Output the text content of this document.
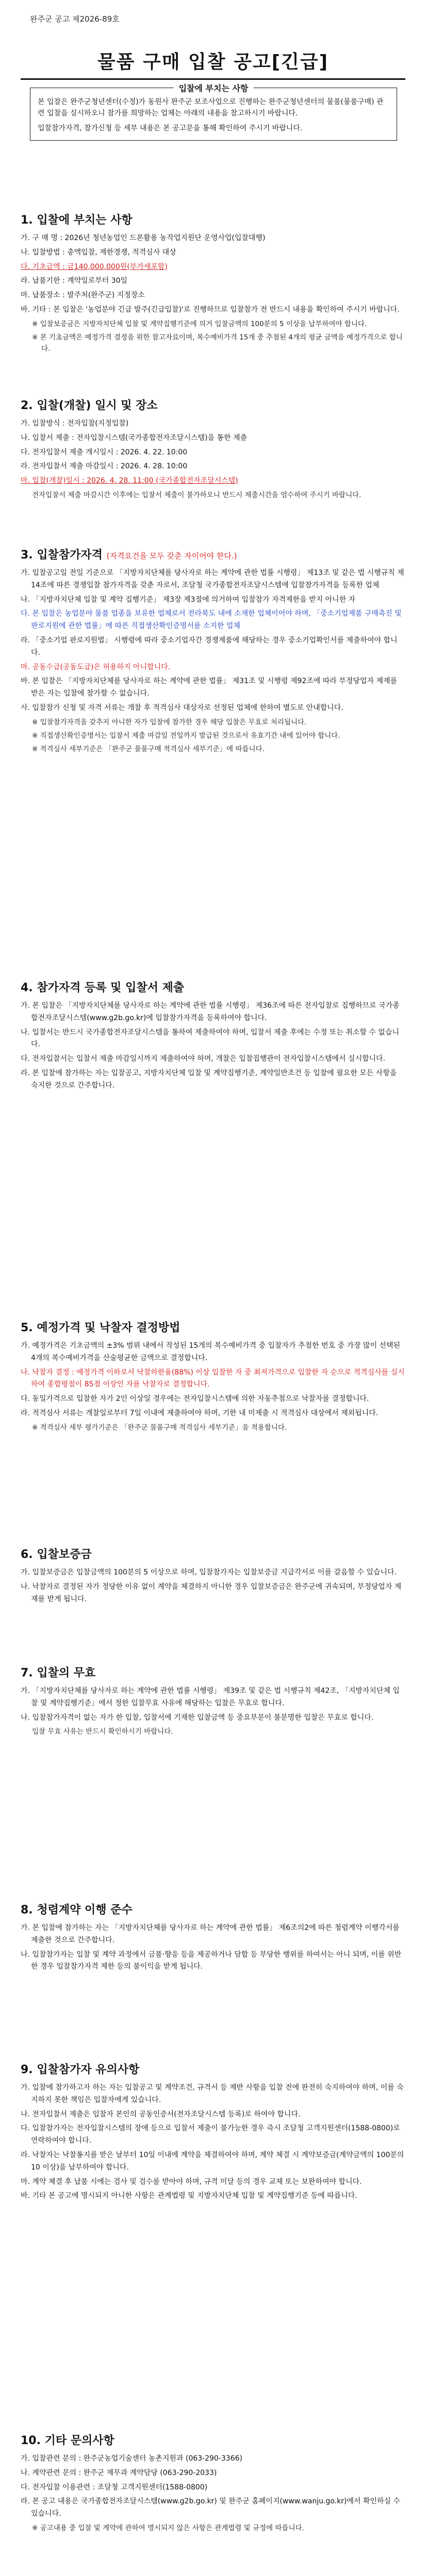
완주군 공고 제2026-89호
물품 구매 입찰 공고[긴급]
입찰에 부치는 사항

본 입찰은 완주군청년센터(수정)가 동원사 완주군 보조사업으로 진행하는 완주군청년센터의 물품(물품구매) 관련 입찰을 실시하오니 참가를 희망하는 업체는 아래의 내용을 참고하시기 바랍니다.

입찰참가자격, 참가신청 등 세부 내용은 본 공고문을 통해 확인하여 주시기 바랍니다.

1. 입찰에 부치는 사항
가. 구 매 명 : 2026년 청년농업인 드론활용 농작업지원단 운영사업(입찰대행)
나. 입찰방법 : 총액입찰, 제한경쟁, 적격심사 대상
다. 기초금액 : 금140,000,000원(부가세포함)
라. 납품기한 : 계약일로부터 30일
마. 납품장소 : 발주처(완주군) 지정장소
바. 기타 : 본 입찰은 '농업분야 긴급 발주(긴급입찰)'로 진행하므로 입찰참가 전 반드시 내용을 확인하여 주시기 바랍니다.
※ 입찰보증금은 지방자치단체 입찰 및 계약집행기준에 의거 입찰금액의 100분의 5 이상을 납부하여야 합니다.
※ 본 기초금액은 예정가격 결정을 위한 참고자료이며, 복수예비가격 15개 중 추첨된 4개의 평균 금액을 예정가격으로 합니다.
2. 입찰(개찰) 일시 및 장소
가. 입찰방식 : 전자입찰(지정입찰)
나. 입찰서 제출 : 전자입찰시스템(국가종합전자조달시스템)을 통한 제출
다. 전자입찰서 제출 개시일시 : 2026. 4. 22. 10:00
라. 전자입찰서 제출 마감일시 : 2026. 4. 28. 10:00
마. 입찰(개찰)일시 : 2026. 4. 28. 11:00 (국가종합전자조달시스템)
전자입찰서 제출 마감시간 이후에는 입찰서 제출이 불가하오니 반드시 제출시간을 엄수하여 주시기 바랍니다.
3. 입찰참가자격 (자격요건을 모두 갖춘 자이어야 한다.)
가. 입찰공고일 전일 기준으로 「지방자치단체를 당사자로 하는 계약에 관한 법률 시행령」 제13조 및 같은 법 시행규칙 제14조에 따른 경쟁입찰 참가자격을 갖춘 자로서, 조달청 국가종합전자조달시스템에 입찰참가자격을 등록한 업체
나. 「지방자치단체 입찰 및 계약 집행기준」 제3장 제3절에 의거하여 입찰참가 자격제한을 받지 아니한 자
다. 본 입찰은 농업분야 물품 업종을 보유한 업체로서 전라북도 내에 소재한 업체이어야 하며, 「중소기업제품 구매촉진 및 판로지원에 관한 법률」에 따른 직접생산확인증명서를 소지한 업체
라. 「중소기업 판로지원법」 시행령에 따라 중소기업자간 경쟁제품에 해당하는 경우 중소기업확인서를 제출하여야 합니다.
마. 공동수급(공동도급)은 허용하지 아니합니다.
바. 본 입찰은 「지방자치단체를 당사자로 하는 계약에 관한 법률」 제31조 및 시행령 제92조에 따라 부정당업자 제재를 받은 자는 입찰에 참가할 수 없습니다.
사. 입찰참가 신청 및 자격 서류는 개찰 후 적격심사 대상자로 선정된 업체에 한하여 별도로 안내합니다.
※ 입찰참가자격을 갖추지 아니한 자가 입찰에 참가한 경우 해당 입찰은 무효로 처리됩니다.
※ 직접생산확인증명서는 입찰서 제출 마감일 전일까지 발급된 것으로서 유효기간 내에 있어야 합니다.
※ 적격심사 세부기준은 「완주군 물품구매 적격심사 세부기준」에 따릅니다.
4. 참가자격 등록 및 입찰서 제출
가. 본 입찰은 「지방자치단체를 당사자로 하는 계약에 관한 법률 시행령」 제36조에 따른 전자입찰로 집행하므로 국가종합전자조달시스템(www.g2b.go.kr)에 입찰참가자격을 등록하여야 합니다.
나. 입찰서는 반드시 국가종합전자조달시스템을 통하여 제출하여야 하며, 입찰서 제출 후에는 수정 또는 취소할 수 없습니다.
다. 전자입찰서는 입찰서 제출 마감일시까지 제출하여야 하며, 개찰은 입찰집행관이 전자입찰시스템에서 실시합니다.
라. 본 입찰에 참가하는 자는 입찰공고, 지방자치단체 입찰 및 계약집행기준, 계약일반조건 등 입찰에 필요한 모든 사항을 숙지한 것으로 간주합니다.
5. 예정가격 및 낙찰자 결정방법
가. 예정가격은 기초금액의 ±3% 범위 내에서 작성된 15개의 복수예비가격 중 입찰자가 추첨한 번호 중 가장 많이 선택된 4개의 복수예비가격을 산술평균한 금액으로 결정합니다.
나. 낙찰자 결정 : 예정가격 이하로서 낙찰하한율(88%) 이상 입찰한 자 중 최저가격으로 입찰한 자 순으로 적격심사를 실시하여 종합평점이 85점 이상인 자를 낙찰자로 결정합니다.
다. 동일가격으로 입찰한 자가 2인 이상일 경우에는 전자입찰시스템에 의한 자동추첨으로 낙찰자를 결정합니다.
라. 적격심사 서류는 개찰일로부터 7일 이내에 제출하여야 하며, 기한 내 미제출 시 적격심사 대상에서 제외됩니다.
※ 적격심사 세부 평가기준은 「완주군 물품구매 적격심사 세부기준」을 적용합니다.
6. 입찰보증금
가. 입찰보증금은 입찰금액의 100분의 5 이상으로 하며, 입찰참가자는 입찰보증금 지급각서로 이를 갈음할 수 있습니다.
나. 낙찰자로 결정된 자가 정당한 이유 없이 계약을 체결하지 아니한 경우 입찰보증금은 완주군에 귀속되며, 부정당업자 제재를 받게 됩니다.
7. 입찰의 무효
가. 「지방자치단체를 당사자로 하는 계약에 관한 법률 시행령」 제39조 및 같은 법 시행규칙 제42조, 「지방자치단체 입찰 및 계약집행기준」에서 정한 입찰무효 사유에 해당하는 입찰은 무효로 합니다.
나. 입찰참가자격이 없는 자가 한 입찰, 입찰서에 기재한 입찰금액 등 중요부분이 불분명한 입찰은 무효로 합니다.
입찰 무효 사유는 반드시 확인하시기 바랍니다.
8. 청렴계약 이행 준수
가. 본 입찰에 참가하는 자는 「지방자치단체를 당사자로 하는 계약에 관한 법률」 제6조의2에 따른 청렴계약 이행각서를 제출한 것으로 간주합니다.
나. 입찰참가자는 입찰 및 계약 과정에서 금품·향응 등을 제공하거나 담합 등 부당한 행위를 하여서는 아니 되며, 이를 위반한 경우 입찰참가자격 제한 등의 불이익을 받게 됩니다.
9. 입찰참가자 유의사항
가. 입찰에 참가하고자 하는 자는 입찰공고 및 계약조건, 규격서 등 제반 사항을 입찰 전에 완전히 숙지하여야 하며, 이를 숙지하지 못한 책임은 입찰자에게 있습니다.
나. 전자입찰서 제출은 입찰자 본인의 공동인증서(전자조달시스템 등록)로 하여야 합니다.
다. 입찰참가자는 전자입찰시스템의 장애 등으로 입찰서 제출이 불가능한 경우 즉시 조달청 고객지원센터(1588-0800)로 연락하여야 합니다.
라. 낙찰자는 낙찰통지를 받은 날부터 10일 이내에 계약을 체결하여야 하며, 계약 체결 시 계약보증금(계약금액의 100분의 10 이상)을 납부하여야 합니다.
마. 계약 체결 후 납품 시에는 검사 및 검수를 받아야 하며, 규격 미달 등의 경우 교체 또는 보완하여야 합니다.
바. 기타 본 공고에 명시되지 아니한 사항은 관계법령 및 지방자치단체 입찰 및 계약집행기준 등에 따릅니다.
10. 기타 문의사항
가. 입찰관련 문의 : 완주군농업기술센터 농촌지원과 (063-290-3366)
나. 계약관련 문의 : 완주군 재무과 계약담당 (063-290-2033)
다. 전자입찰 이용관련 : 조달청 고객지원센터(1588-0800)
라. 본 공고 내용은 국가종합전자조달시스템(www.g2b.go.kr) 및 완주군 홈페이지(www.wanju.go.kr)에서 확인하실 수 있습니다.
※ 공고내용 중 입찰 및 계약에 관하여 명시되지 않은 사항은 관계법령 및 규정에 따릅니다.
